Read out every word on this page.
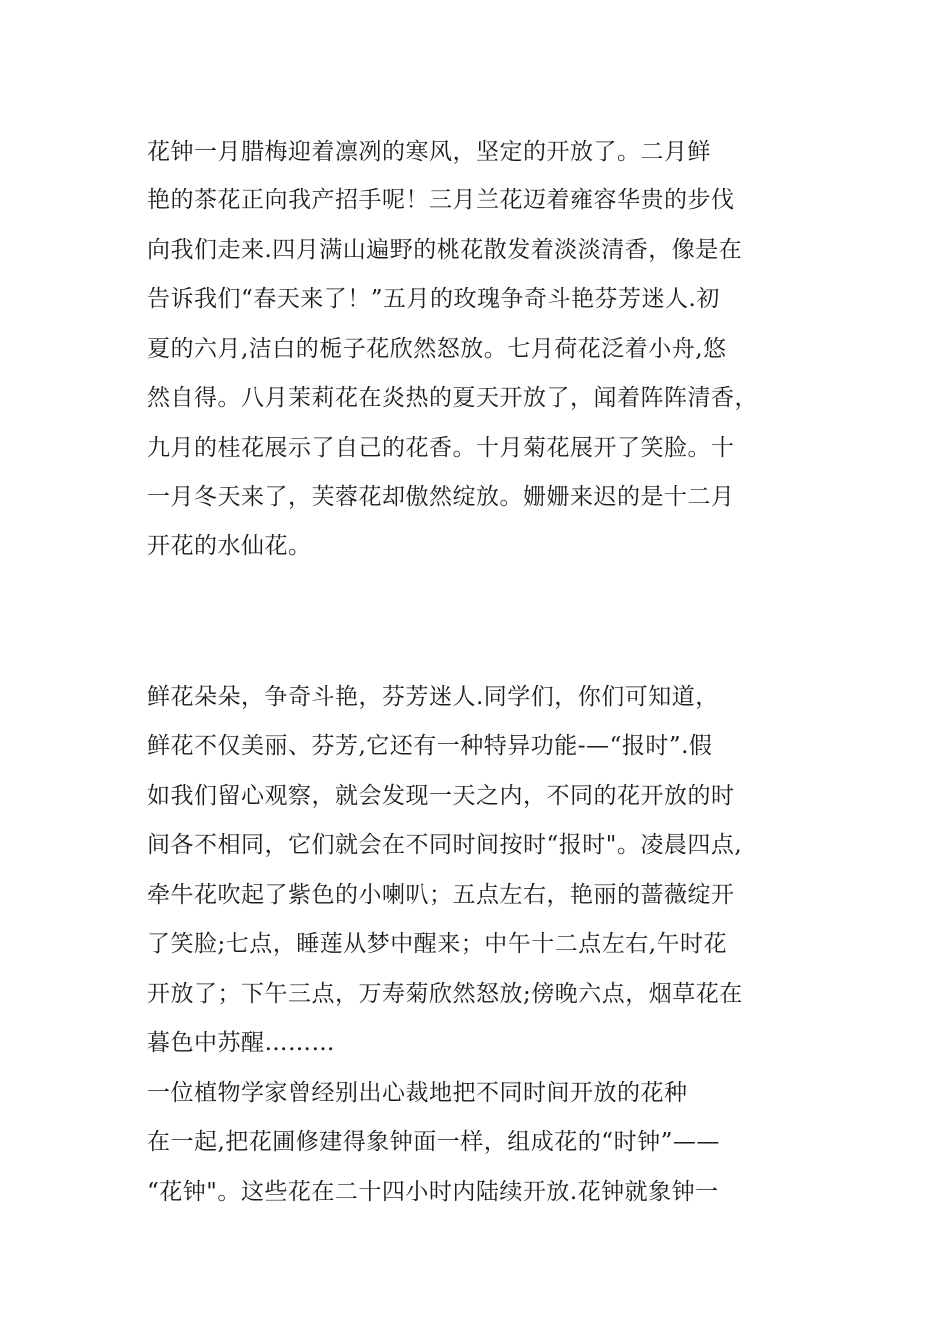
花钟一月腊梅迎着凛冽的寒风，坚定的开放了。二月鲜
艳的茶花正向我产招手呢！三月兰花迈着雍容华贵的步伐
向我们走来.四月满山遍野的桃花散发着淡淡清香，像是在
告诉我们“春天来了！”五月的玫瑰争奇斗艳芬芳迷人.初
夏的六月,洁白的栀子花欣然怒放。七月荷花泛着小舟,悠
然自得。八月茉莉花在炎热的夏天开放了，闻着阵阵清香，
九月的桂花展示了自己的花香。十月菊花展开了笑脸。十
一月冬天来了，芙蓉花却傲然绽放。姗姗来迟的是十二月
开花的水仙花。
鲜花朵朵，争奇斗艳，芬芳迷人.同学们，你们可知道，
鲜花不仅美丽、芬芳,它还有一种特异功能-—“报时”.假
如我们留心观察，就会发现一天之内，不同的花开放的时
间各不相同，它们就会在不同时间按时“报时"。凌晨四点,
牵牛花吹起了紫色的小喇叭；五点左右，艳丽的蔷薇绽开
了笑脸;七点，睡莲从梦中醒来；中午十二点左右,午时花
开放了；下午三点，万寿菊欣然怒放;傍晚六点，烟草花在
暮色中苏醒………
一位植物学家曾经别出心裁地把不同时间开放的花种
在一起,把花圃修建得象钟面一样，组成花的“时钟”——
“花钟"。这些花在二十四小时内陆续开放.花钟就象钟一
